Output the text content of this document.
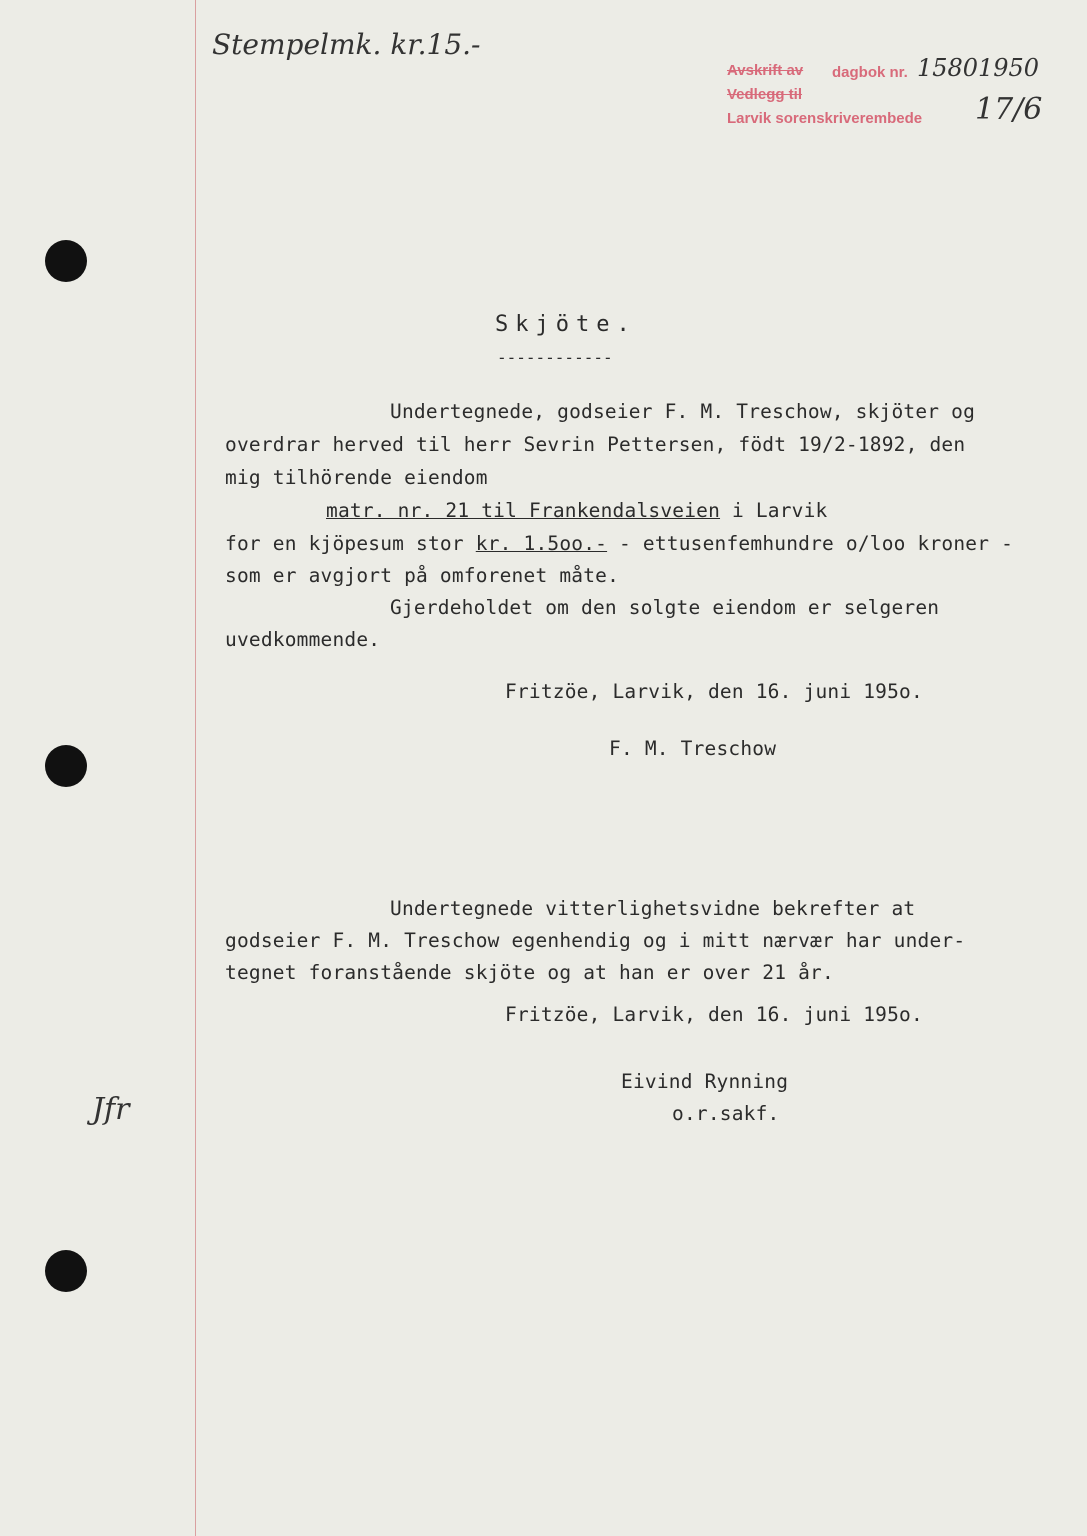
Stempelmk. kr.15.-
Avskrift av dagbok nr. 1580 1950
Vedlegg til
Larvik sorenskriverembede 17/6
Skjöte.
------------
Undertegnede, godseier F. M. Treschow, skjöter og
overdrar herved til herr Sevrin Pettersen, födt 19/2-1892, den
mig tilhörende eiendom
matr. nr. 21 til Frankendalsveien i Larvik
for en kjöpesum stor kr. 1.5oo.- - ettusenfemhundre o/loo kroner -
som er avgjort på omforenet måte.
Gjerdeholdet om den solgte eiendom er selgeren
uvedkommende.
Fritzöe, Larvik, den 16. juni 195o.
F. M. Treschow
Undertegnede vitterlighetsvidne bekrefter at
godseier F. M. Treschow egenhendig og i mitt nærvær har under-
tegnet foranstående skjöte og at han er over 21 år.
Fritzöe, Larvik, den 16. juni 195o.
Eivind Rynning
o.r.sakf.
Jfr
